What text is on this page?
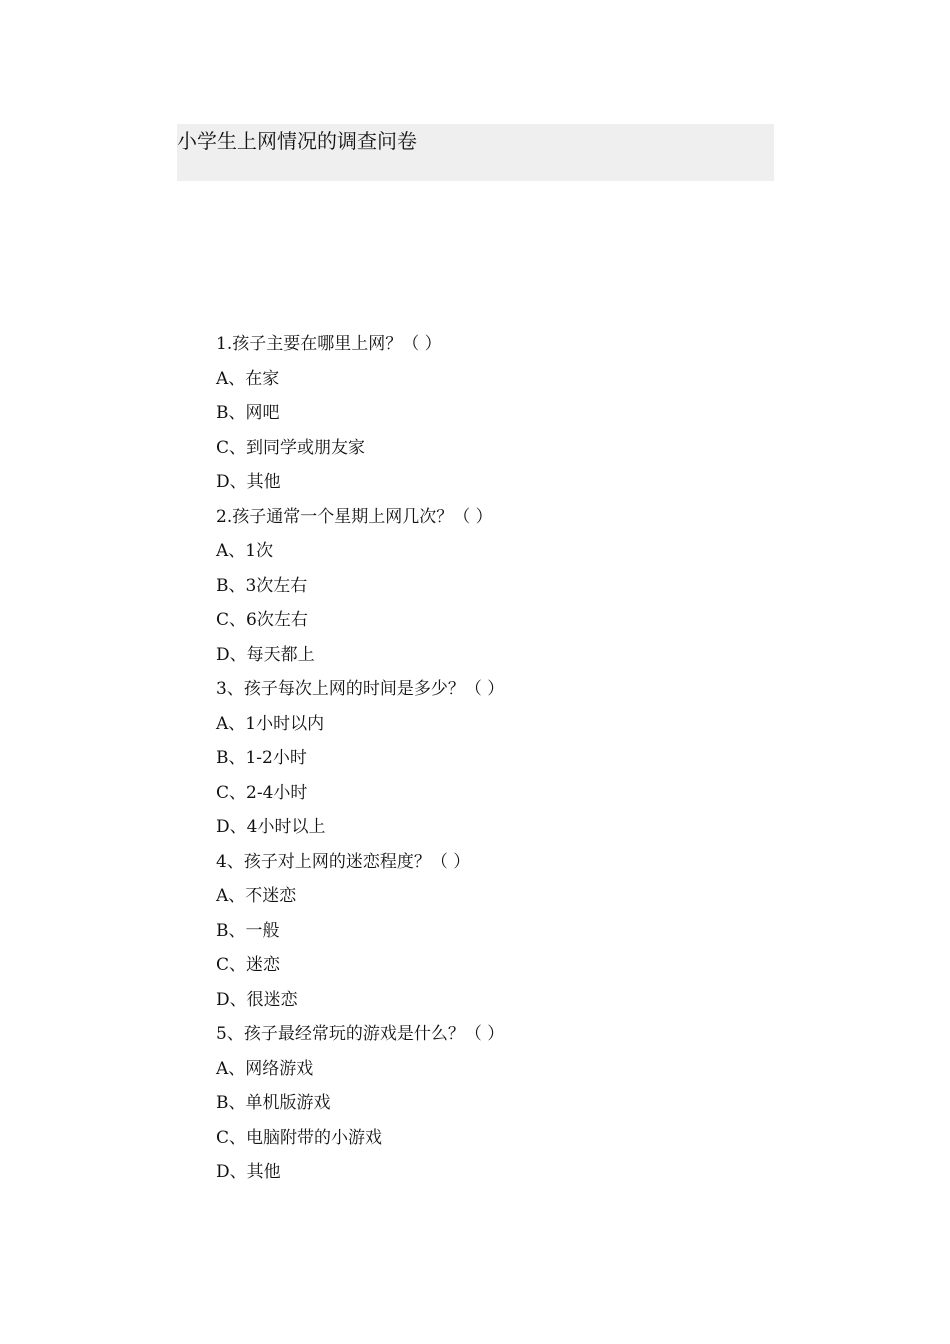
小学生上网情况的调查问卷
1.孩子主要在哪里上网？（ ）
A、在家
B、网吧
C、到同学或朋友家
D、其他
2.孩子通常一个星期上网几次？（ ）
A、1次
B、3次左右
C、6次左右
D、每天都上
3、孩子每次上网的时间是多少？（ ）
A、1小时以内
B、1-2小时
C、2-4小时
D、4小时以上
4、孩子对上网的迷恋程度？（ ）
A、不迷恋
B、一般
C、迷恋
D、很迷恋
5、孩子最经常玩的游戏是什么？（ ）
A、网络游戏
B、单机版游戏
C、电脑附带的小游戏
D、其他
